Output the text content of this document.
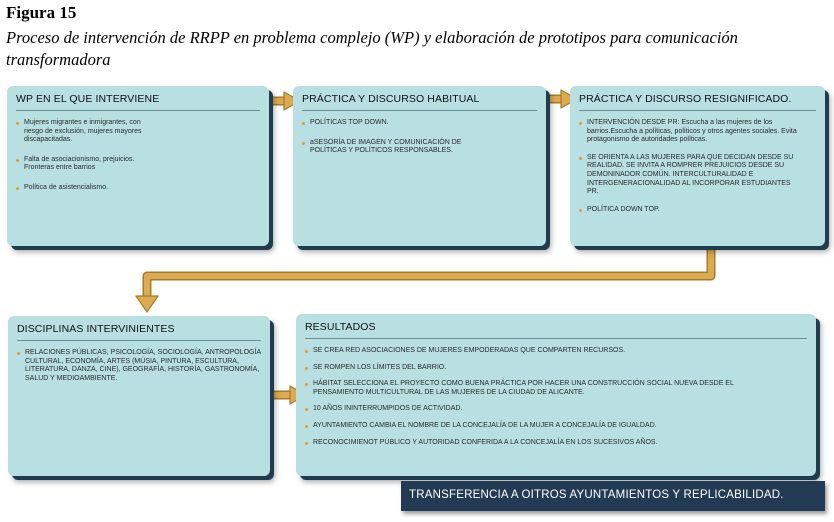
Figura 15
Proceso de intervención de RRPP en problema complejo (WP) y elaboración de prototipos para comunicación transformadora
WP EN EL QUE INTERVIENE
Mujeres migrantes e inmigrantes, con riesgo de exclusión, mujeres mayores discapacitadas.
Falta de asociacionismo, prejuicios. Fronteras entre barrios
Política de asistencialismo.
PRÁCTICA Y DISCURSO HABITUAL
POLÍTICAS TOP DOWN.
aSESORÍA DE IMAGEN Y COMUNICACIÓN DE POLÍTICAS Y POLÍTICOS RESPONSABLES.
PRÁCTICA Y DISCURSO RESIGNIFICADO.
INTERVENCIÓN DESDE PR: Escucha a las mujeres de los barrios.Escucha a políticas, políticos y otros agentes sociales. Evita protagonismo de autoridades políticas.
SE ORIENTA A LAS MUJERES PARA QUE DECIDAN DESDE SU REALIDAD. SE INVITA A ROMPRER PREJUICIOS DESDE SU DEMONINADOR COMÚN. INTERCULTURALIDAD E INTERGENERACIONALIDAD AL INCORPORAR ESTUDIANTES PR.
POLÍTICA DOWN TOP.
DISCIPLINAS INTERVINIENTES
RELACIONES PÚBLICAS, PSICOLOGÍA, SOCIOLOGÍA, ANTROPOLOGÍA CULTURAL, ECONOMÍA, ARTES (MÚSIA, PINTURA, ESCULTURA, LITERATURA, DANZA, CINE), GEOGRAFÍA, HISTORÍA, GASTRONOMÍA, SALUD Y MEDIOAMBIENTE.
RESULTADOS
SE CREA RED ASOCIACIONES DE MUJERES EMPODERADAS QUE COMPARTEN RECURSOS.
SE ROMPEN LOS LÍMITES DEL BARRIO.
HÁBITAT SELECCIONA EL PROYECTO COMO BUENA PRÁCTICA POR HACER UNA CONSTRUCCIÓN SOCIAL NUEVA DESDE EL PENSAMIENTO MULTICULTURAL DE LAS MUJERES DE LA CIUDAD DE ALICANTE.
10 AÑOS ININTERRUMPIDOS DE ACTIVIDAD.
AYUNTAMIENTO CAMBIA EL NOMBRE DE LA CONCEJALÍA DE LA MUJER A CONCEJALÍA DE IGUALDAD.
RECONOCIMIENOT PÚBLICO Y AUTORIDAD CONFERIDA A LA CONCEJALÍA EN LOS SUCESIVOS AÑOS.
TRANSFERENCIA A OITROS AYUNTAMIENTOS Y REPLICABILIDAD.
